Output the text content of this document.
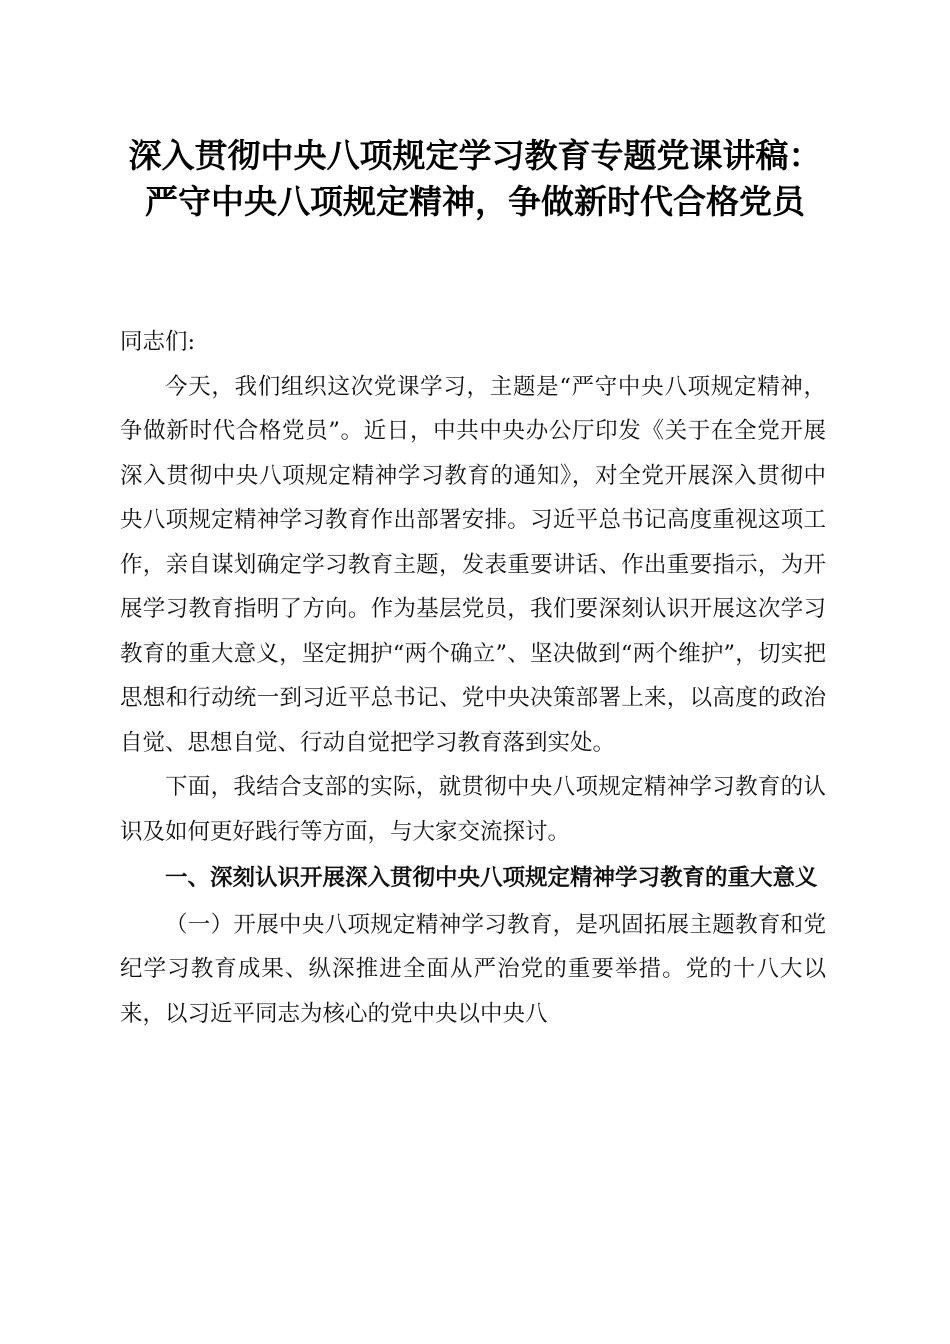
深入贯彻中央八项规定学习教育专题党课讲稿：严守中央八项规定精神，争做新时代合格党员

同志们:

今天，我们组织这次党课学习，主题是“严守中央八项规定精神，争做新时代合格党员”。近日，中共中央办公厅印发《关于在全党开展深入贯彻中央八项规定精神学习教育的通知》，对全党开展深入贯彻中央八项规定精神学习教育作出部署安排。习近平总书记高度重视这项工作，亲自谋划确定学习教育主题，发表重要讲话、作出重要指示，为开展学习教育指明了方向。作为基层党员，我们要深刻认识开展这次学习教育的重大意义，坚定拥护“两个确立”、坚决做到“两个维护”，切实把思想和行动统一到习近平总书记、党中央决策部署上来，以高度的政治自觉、思想自觉、行动自觉把学习教育落到实处。

下面，我结合支部的实际，就贯彻中央八项规定精神学习教育的认识及如何更好践行等方面，与大家交流探讨。

一、深刻认识开展深入贯彻中央八项规定精神学习教育的重大意义

（一）开展中央八项规定精神学习教育，是巩固拓展主题教育和党纪学习教育成果、纵深推进全面从严治党的重要举措。党的十八大以来，以习近平同志为核心的党中央以中央八
